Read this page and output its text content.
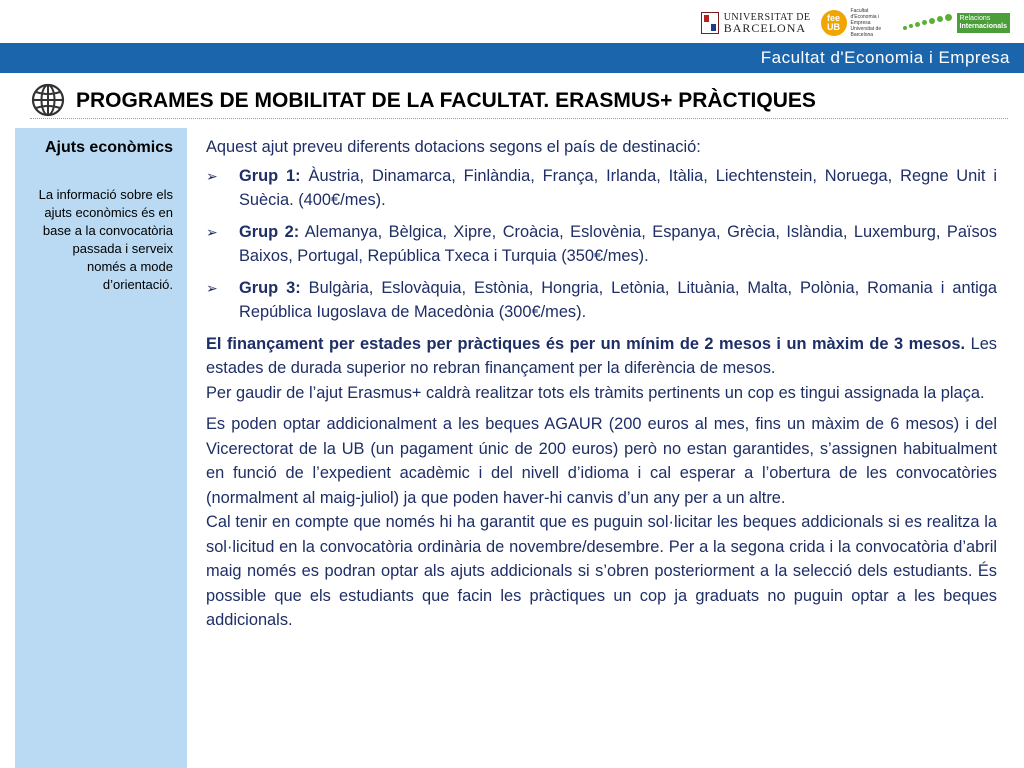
UNIVERSITAT DE
BARCELONA
fee UB
Facultat d'Economia i Empresa Universitat de Barcelona
Relacions
Internacionals
Facultat d'Economia i Empresa
PROGRAMES DE MOBILITAT DE LA FACULTAT. ERASMUS+ PRÀCTIQUES
Ajuts econòmics
La informació sobre els ajuts econòmics és en base a la convocatòria passada i serveix només a mode d’orientació.

Aquest ajut preveu diferents dotacions segons el país de destinació:

➢	Grup 1: Àustria, Dinamarca, Finlàndia, França, Irlanda, Itàlia, Liechtenstein, Noruega, Regne Unit i Suècia. (400€/mes).
➢	Grup 2: Alemanya, Bèlgica, Xipre, Croàcia, Eslovènia, Espanya, Grècia, Islàndia, Luxemburg, Països Baixos, Portugal, República Txeca i Turquia (350€/mes).
➢	Grup 3: Bulgària, Eslovàquia, Estònia, Hongria, Letònia, Lituània, Malta, Polònia, Romania i antiga República Iugoslava de Macedònia (300€/mes).

El finançament per estades per pràctiques és per un mínim de 2 mesos i un màxim de 3 mesos. Les estades de durada superior no rebran finançament per la diferència de mesos.

Per gaudir de l’ajut Erasmus+ caldrà realitzar tots els tràmits pertinents un cop es tingui assignada la plaça.

Es poden optar addicionalment a les beques AGAUR (200 euros al mes, fins un màxim de 6 mesos) i del Vicerectorat de la UB (un pagament únic de 200 euros) però no estan garantides, s’assignen habitualment en funció de l’expedient acadèmic i del nivell d’idioma i cal esperar a l’obertura de les convocatòries (normalment al maig-juliol) ja que poden haver-hi canvis d’un any per a un altre.

Cal tenir en compte que només hi ha garantit que es puguin sol·licitar les beques addicionals si es realitza la sol·licitud en la convocatòria ordinària de novembre/desembre. Per a la segona crida i la convocatòria d’abril maig només es podran optar als ajuts addicionals si s’obren posteriorment a la selecció dels estudiants. És possible que els estudiants que facin les pràctiques un cop ja graduats no puguin optar a les beques addicionals.
